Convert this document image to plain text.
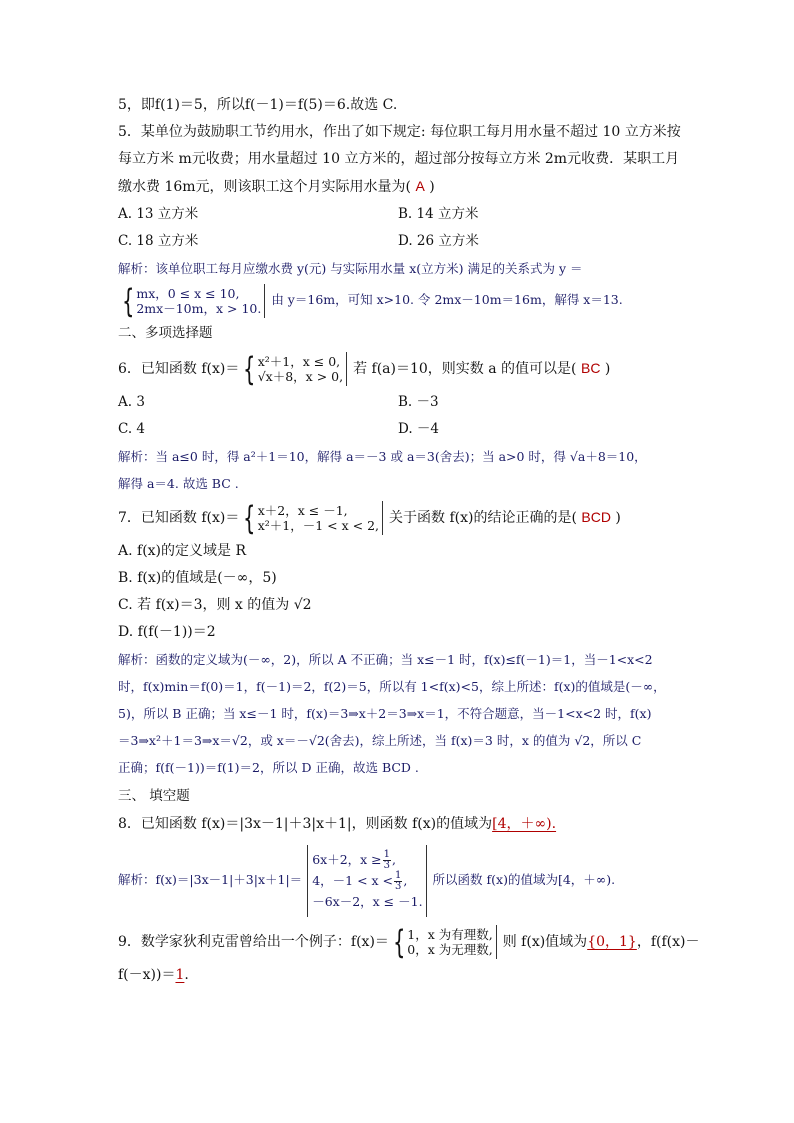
5，即f(1)＝5，所以f(－1)＝f(5)＝6.故选 C.
5．某单位为鼓励职工节约用水，作出了如下规定: 每位职工每月用水量不超过 10 立方米按
每立方米 m元收费；用水量超过 10 立方米的，超过部分按每立方米 2m元收费．某职工月
缴水费 16m元，则该职工这个月实际用水量为( A )
A. 13 立方米	B. 14 立方米
C. 18 立方米	D. 26 立方米
解析：该单位职工每月应缴水费 y(元) 与实际用水量 x(立方米) 满足的关系式为 y ＝
{ mx，0 ≤ x ≤ 10,
2mx－10m，x > 10.
由 y＝16m，可知 x>10. 令 2mx－10m＝16m，解得 x＝13.
二、多项选择题
6．已知函数 f(x)＝ { x²＋1，x ≤ 0,
√x＋8，x > 0, 若 f(a)＝10，则实数 a 的值可以是( BC )
A. 3	B. －3
C. 4	D. －4
解析：当 a≤0 时，得 a²＋1＝10，解得 a＝－3 或 a＝3(舍去)；当 a>0 时，得 √a＋8＝10，
解得 a＝4. 故选 BC .
7．已知函数 f(x)＝ { x＋2，x ≤ －1,
x²＋1，－1 < x < 2, 关于函数 f(x)的结论正确的是( BCD )
A. f(x)的定义域是 R
B. f(x)的值域是(－∞，5)
C. 若 f(x)＝3，则 x 的值为 √2
D. f(f(－1))＝2
解析：函数的定义域为(－∞，2)，所以 A 不正确；当 x≤－1 时，f(x)≤f(－1)＝1，当－1<x<2
时，f(x)min＝f(0)＝1，f(－1)＝2，f(2)＝5，所以有 1<f(x)<5，综上所述：f(x)的值域是(－∞，
5)，所以 B 正确；当 x≤－1 时，f(x)＝3⇒x＋2＝3⇒x＝1，不符合题意，当－1<x<2 时，f(x)
＝3⇒x²＋1＝3⇒x＝√2，或 x＝－√2(舍去)，综上所述，当 f(x)＝3 时，x 的值为 √2，所以 C
正确；f(f(－1))＝f(1)＝2，所以 D 正确，故选 BCD .
三、 填空题
8．已知函数 f(x)＝|3x－1|＋3|x＋1|，则函数 f(x)的值域为[4，＋∞).
解析：f(x)＝|3x－1|＋3|x＋1|＝
6x＋2，$x \ge \frac{1}{3}$ ,
4，$-1 < x < \frac{1}{3}$ ,
－6x－2，x ≤ －1.
所以函数 f(x)的值域为[4，＋∞).
9．数学家狄利克雷曾给出一个例子：f(x)＝ { 1，x 为有理数,
0，x 为无理数, 则 f(x)值域为{0，1}，f(f(x)－
f(－x))＝1.
